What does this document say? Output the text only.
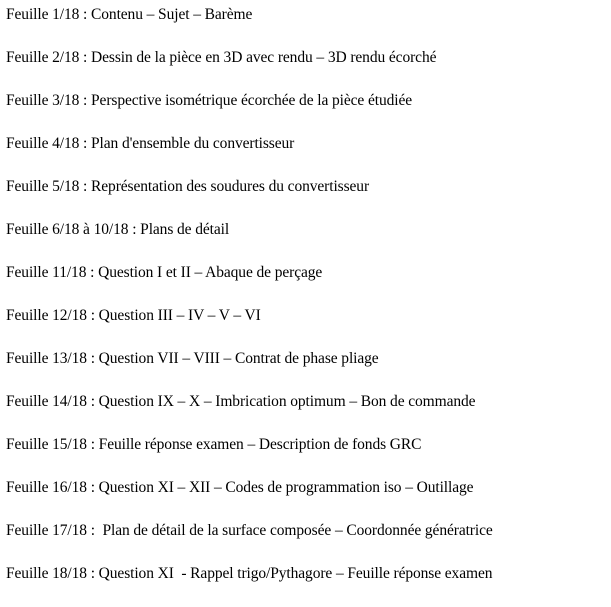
Feuille 1/18 : Contenu – Sujet – Barème
Feuille 2/18 : Dessin de la pièce en 3D avec rendu – 3D rendu écorché
Feuille 3/18 : Perspective isométrique écorchée de la pièce étudiée
Feuille 4/18 : Plan d'ensemble du convertisseur
Feuille 5/18 : Représentation des soudures du convertisseur
Feuille 6/18 à 10/18 : Plans de détail
Feuille 11/18 : Question I et II – Abaque de perçage
Feuille 12/18 : Question III – IV – V – VI
Feuille 13/18 : Question VII – VIII – Contrat de phase pliage
Feuille 14/18 : Question IX – X – Imbrication optimum – Bon de commande
Feuille 15/18 : Feuille réponse examen – Description de fonds GRC
Feuille 16/18 : Question XI – XII – Codes de programmation iso – Outillage
Feuille 17/18 :  Plan de détail de la surface composée – Coordonnée génératrice
Feuille 18/18 : Question XI  - Rappel trigo/Pythagore – Feuille réponse examen
